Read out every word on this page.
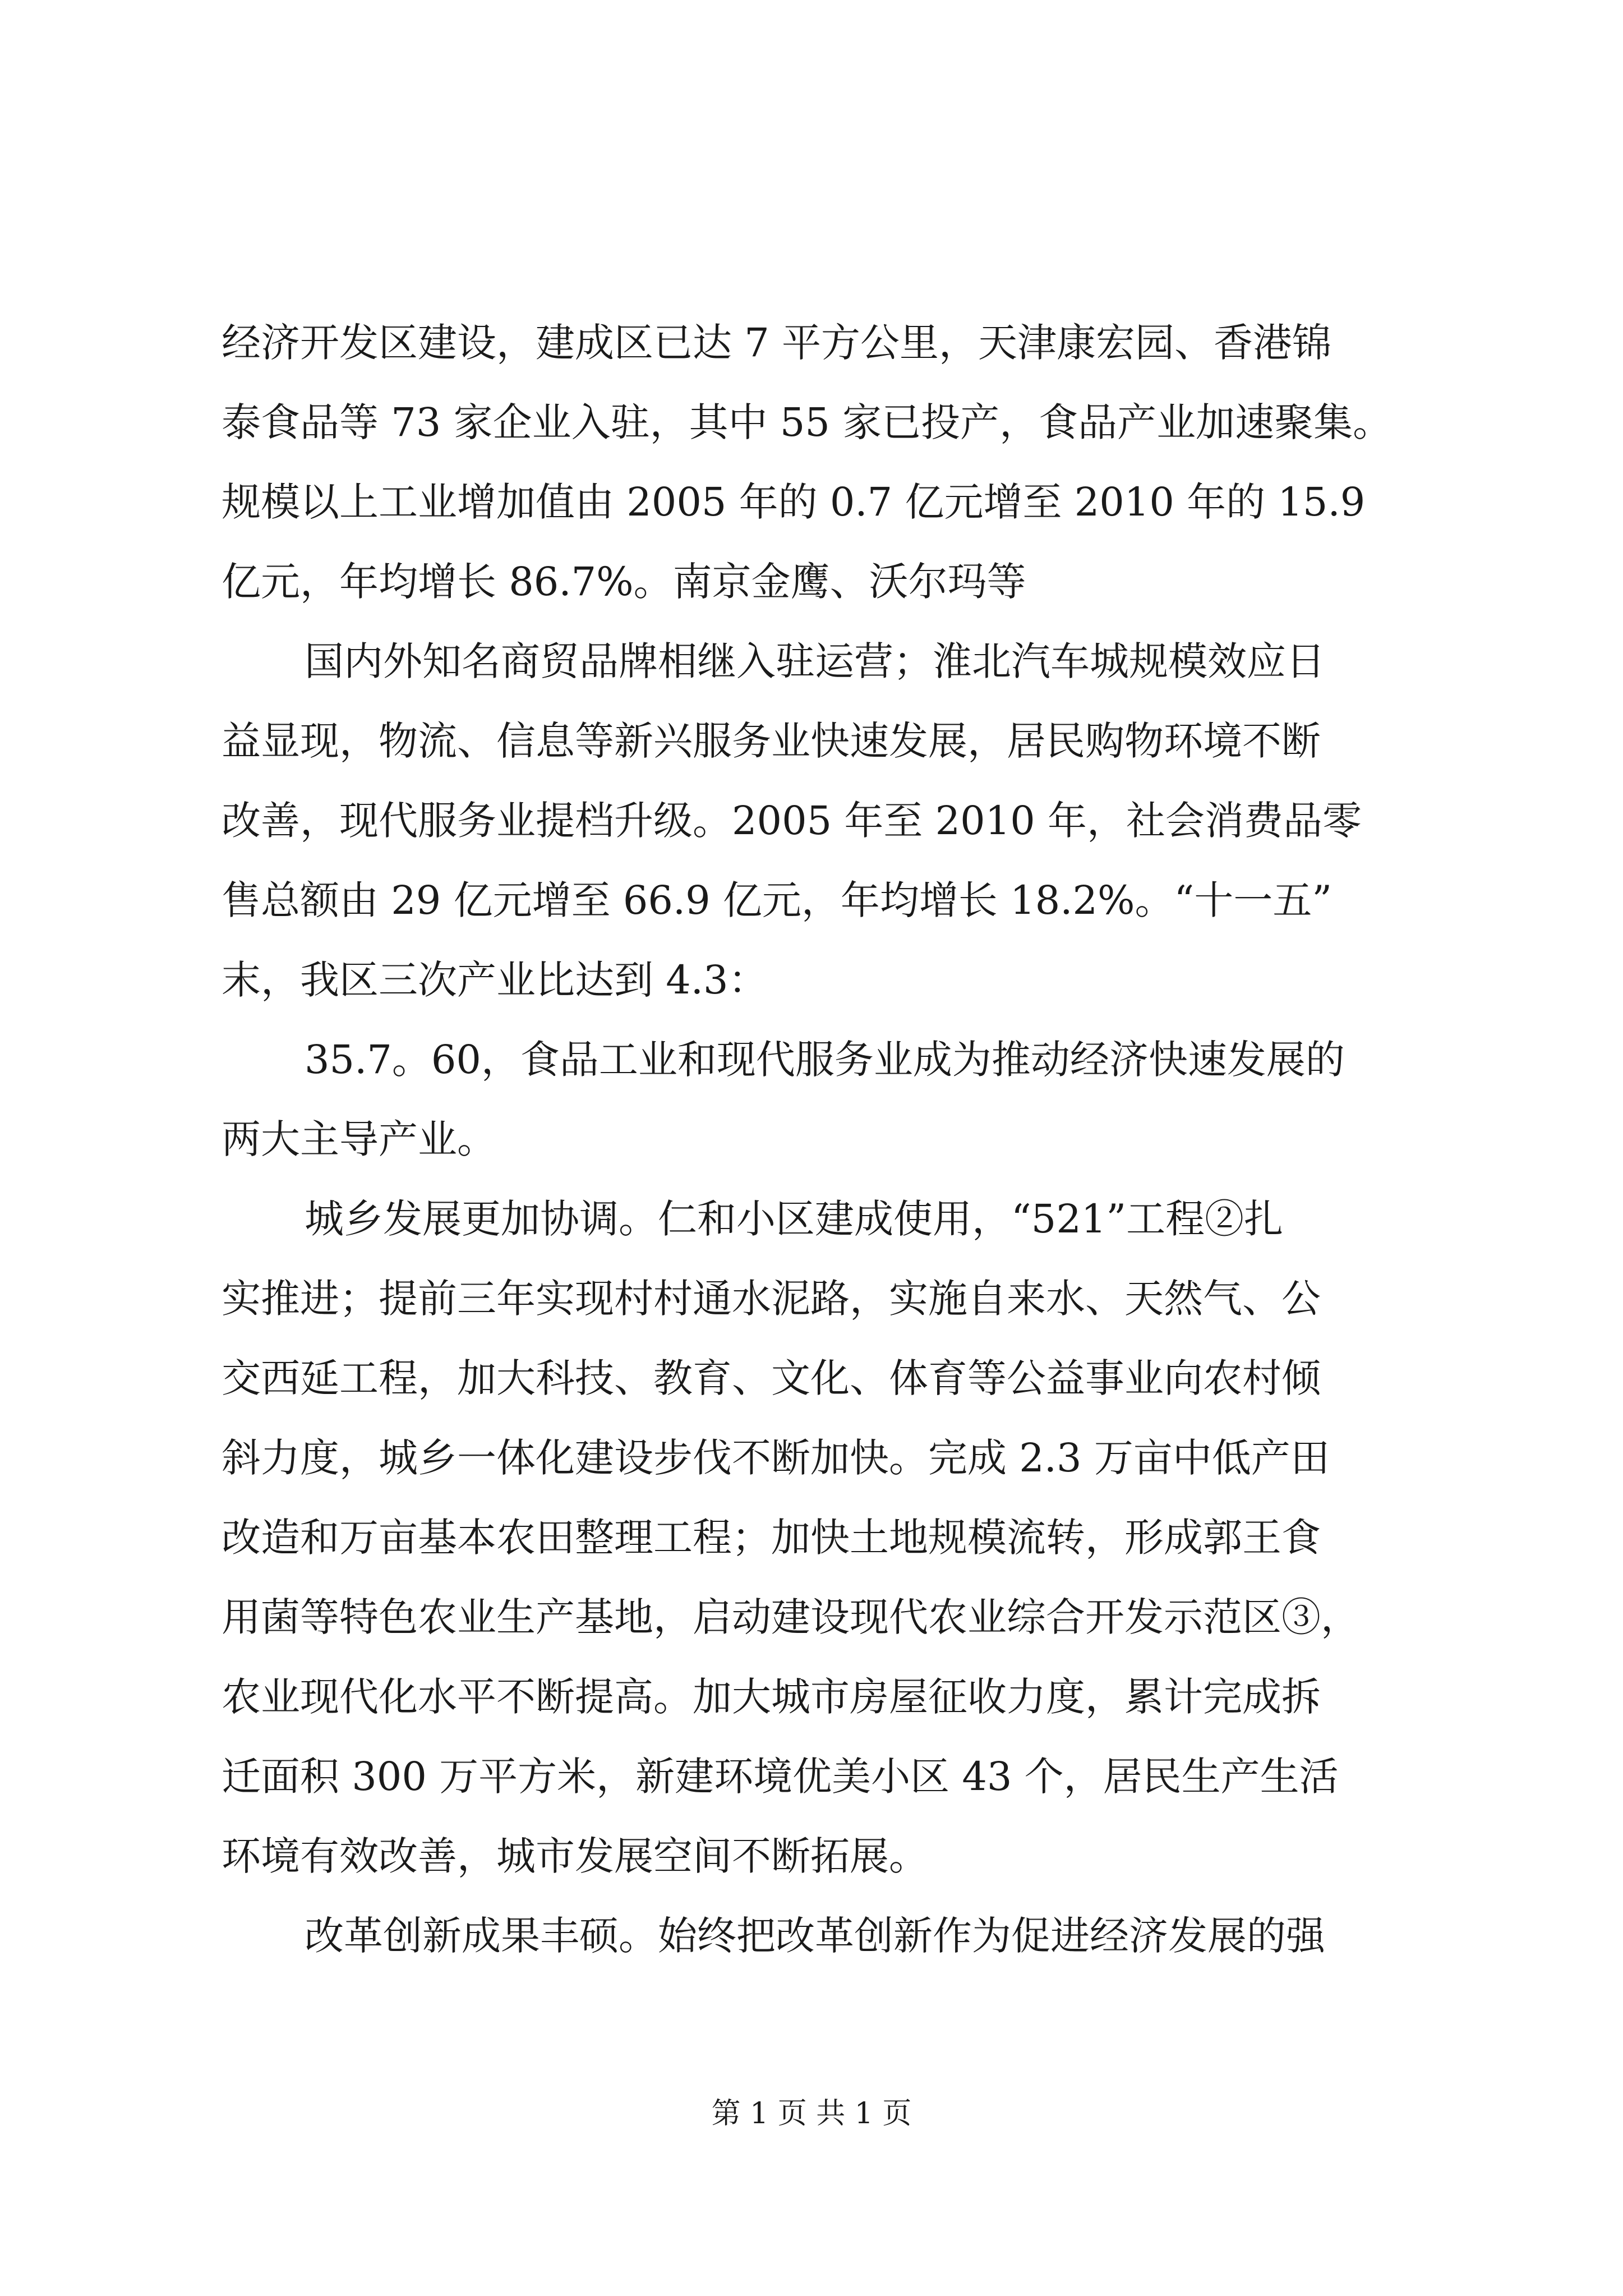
经济开发区建设，建成区已达 7 平方公里，天津康宏园、香港锦
泰食品等 73 家企业入驻，其中 55 家已投产，食品产业加速聚集。
规模以上工业增加值由 2005 年的 0.7 亿元增至 2010 年的 15.9
亿元，年均增长 86.7%。南京金鹰、沃尔玛等
国内外知名商贸品牌相继入驻运营；淮北汽车城规模效应日
益显现，物流、信息等新兴服务业快速发展，居民购物环境不断
改善，现代服务业提档升级。2005 年至 2010 年，社会消费品零
售总额由 29 亿元增至 66.9 亿元，年均增长 18.2%。“十一五”
末，我区三次产业比达到 4.3：
35.7。60，食品工业和现代服务业成为推动经济快速发展的
两大主导产业。
城乡发展更加协调。仁和小区建成使用，“521”工程②扎
实推进；提前三年实现村村通水泥路，实施自来水、天然气、公
交西延工程，加大科技、教育、文化、体育等公益事业向农村倾
斜力度，城乡一体化建设步伐不断加快。完成 2.3 万亩中低产田
改造和万亩基本农田整理工程；加快土地规模流转，形成郭王食
用菌等特色农业生产基地，启动建设现代农业综合开发示范区③，
农业现代化水平不断提高。加大城市房屋征收力度，累计完成拆
迁面积 300 万平方米，新建环境优美小区 43 个，居民生产生活
环境有效改善，城市发展空间不断拓展。
改革创新成果丰硕。始终把改革创新作为促进经济发展的强
第 1 页 共 1 页
